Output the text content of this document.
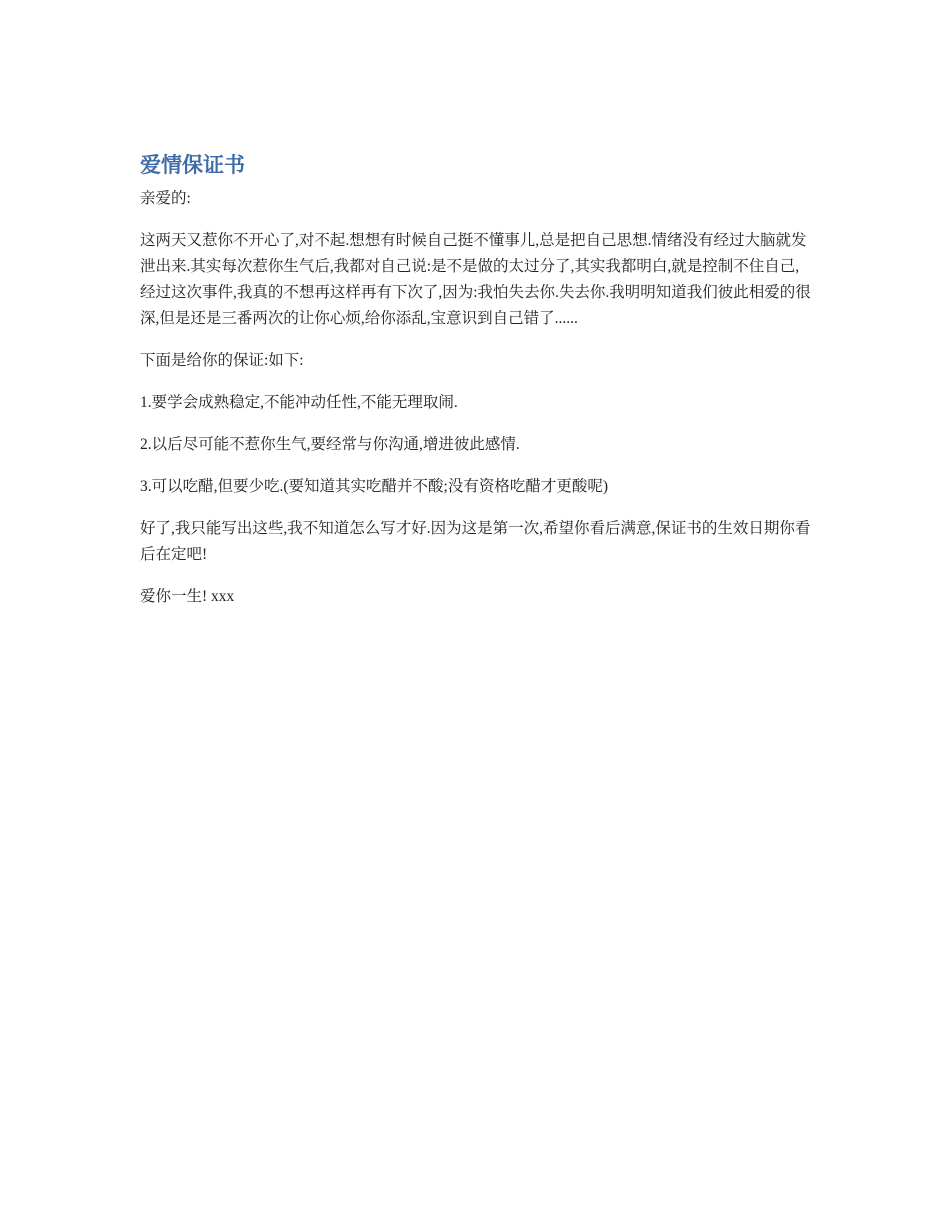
爱情保证书

亲爱的:

这两天又惹你不开心了,对不起.想想有时候自己挺不懂事儿,总是把自己思想.情绪没有经过大脑就发泄出来.其实每次惹你生气后,我都对自己说:是不是做的太过分了,其实我都明白,就是控制不住自己,经过这次事件,我真的不想再这样再有下次了,因为:我怕失去你.失去你.我明明知道我们彼此相爱的很深,但是还是三番两次的让你心烦,给你添乱,宝意识到自己错了......

下面是给你的保证:如下:

1.要学会成熟稳定,不能冲动任性,不能无理取闹.

2.以后尽可能不惹你生气,要经常与你沟通,增进彼此感情.

3.可以吃醋,但要少吃.(要知道其实吃醋并不酸;没有资格吃醋才更酸呢)

好了,我只能写出这些,我不知道怎么写才好.因为这是第一次,希望你看后满意,保证书的生效日期你看后在定吧!

爱你一生! xxx
